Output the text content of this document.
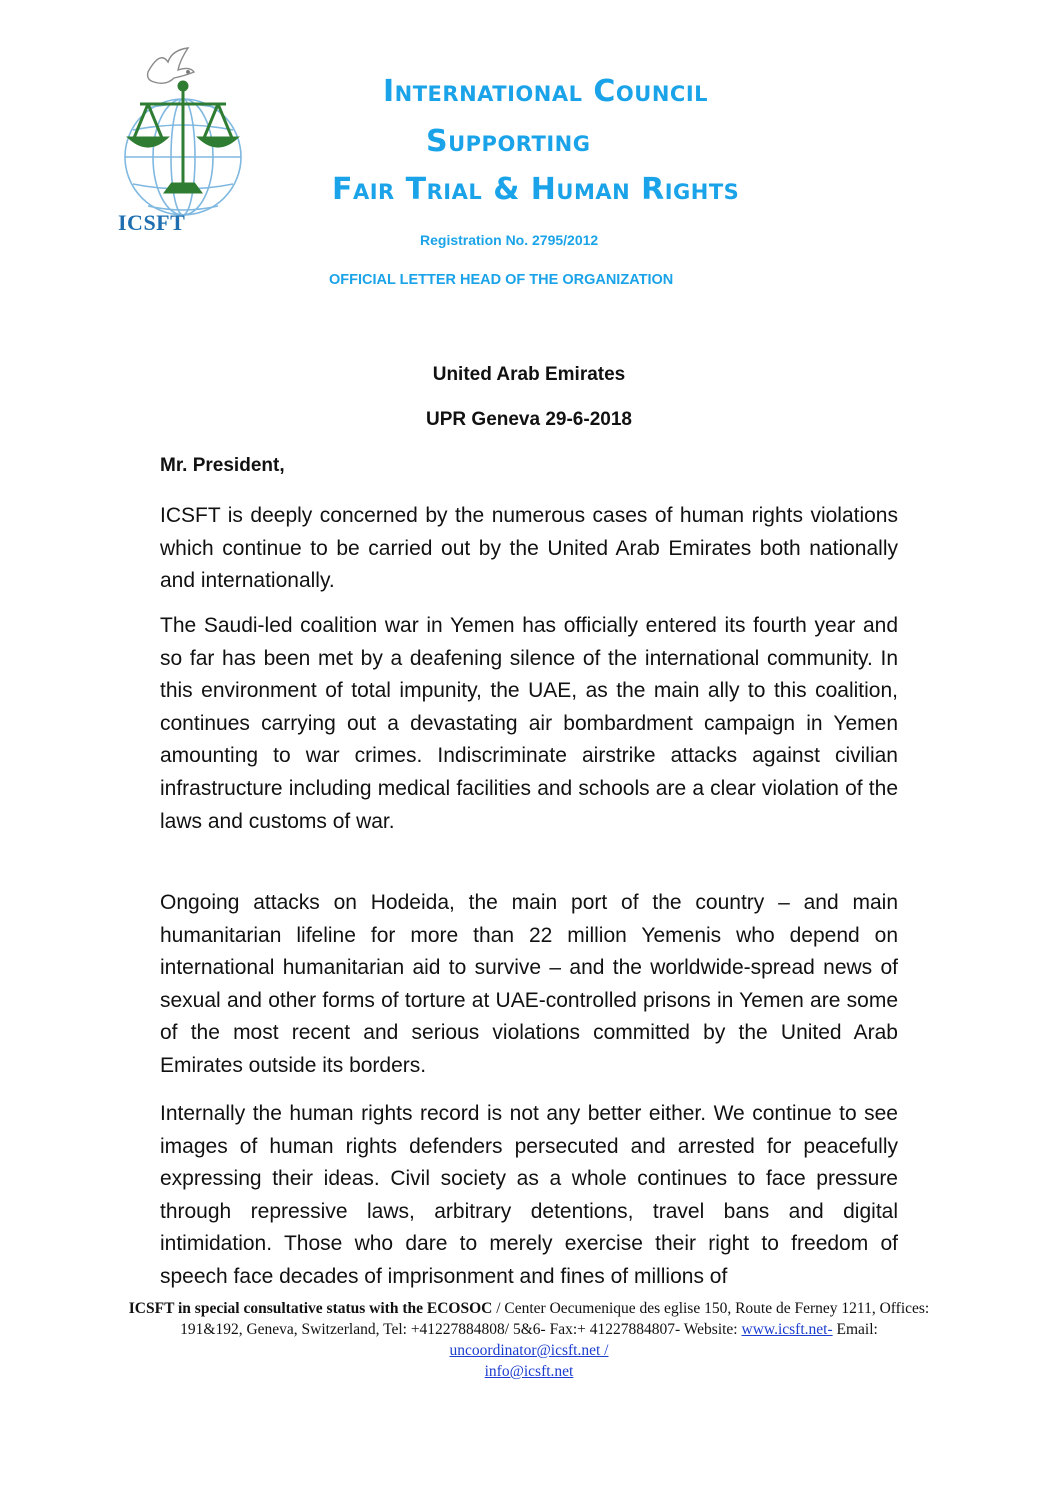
ICSFT
International Council
Supporting
Fair Trial & Human Rights
Registration No. 2795/2012
OFFICIAL LETTER HEAD OF THE ORGANIZATION
United Arab Emirates
UPR Geneva 29-6-2018
Mr. President,

ICSFT is deeply concerned by the numerous cases of human rights violations which continue to be carried out by the United Arab Emirates both nationally and internationally.

The Saudi-led coalition war in Yemen has officially entered its fourth year and so far has been met by a deafening silence of the international community. In this environment of total impunity, the UAE, as the main ally to this coalition, continues carrying out a devastating air bombardment campaign in Yemen amounting to war crimes. Indiscriminate airstrike attacks against civilian infrastructure including medical facilities and schools are a clear violation of the laws and customs of war.

Ongoing attacks on Hodeida, the main port of the country – and main humanitarian lifeline for more than 22 million Yemenis who depend on international humanitarian aid to survive – and the worldwide-spread news of sexual and other forms of torture at UAE-controlled prisons in Yemen are some of the most recent and serious violations committed by the United Arab Emirates outside its borders.

Internally the human rights record is not any better either. We continue to see images of human rights defenders persecuted and arrested for peacefully expressing their ideas. Civil society as a whole continues to face pressure through repressive laws, arbitrary detentions, travel bans and digital intimidation. Those who dare to merely exercise their right to freedom of speech face decades of imprisonment and fines of millions of

ICSFT in special consultative status with the ECOSOC / Center Oecumenique des eglise 150, Route de Ferney 1211, Offices: 191&192, Geneva, Switzerland, Tel: +41227884808/ 5&6- Fax:+ 41227884807- Website: www.icsft.net- Email: uncoordinator@icsft.net /
info@icsft.net
